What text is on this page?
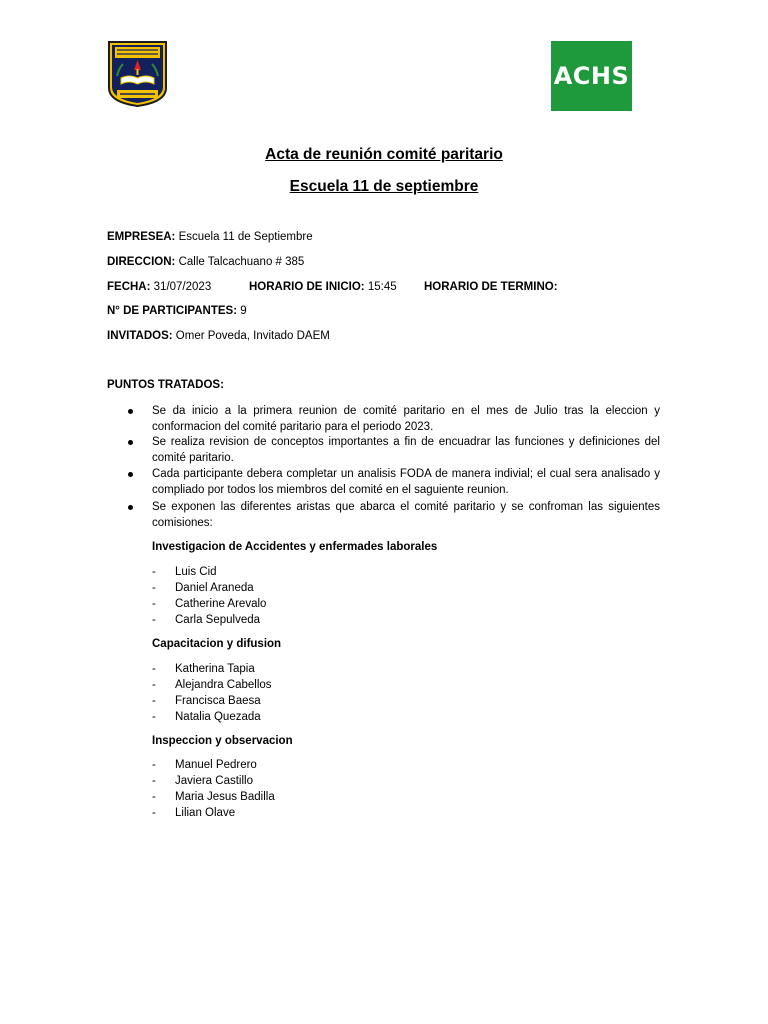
ACHS
Acta de reunión comité paritario
Escuela 11 de septiembre
EMPRESEA: Escuela 11 de Septiembre
DIRECCION: Calle Talcachuano # 385
FECHA: 31/07/2023	HORARIO DE INICIO: 15:45 HORARIO DE TERMINO:
N° DE PARTICIPANTES: 9
INVITADOS: Omer Poveda, Invitado DAEM
PUNTOS TRATADOS:
Se da inicio a la primera reunion de comité paritario en el mes de Julio tras la eleccion y conformacion del comité paritario para el periodo 2023.
Se realiza revision de conceptos importantes a fin de encuadrar las funciones y definiciones del comité paritario.
Cada participante debera completar un analisis FODA de manera indivial; el cual sera analisado y compliado por todos los miembros del comité en el saguiente reunion.
Se exponen las diferentes aristas que abarca el comité paritario y se confroman las siguientes comisiones:
Investigacion de Accidentes y enfermades laborales
- Luis Cid
- Daniel Araneda
- Catherine Arevalo
- Carla Sepulveda
Capacitacion y difusion
- Katherina Tapia
- Alejandra Cabellos
- Francisca Baesa
- Natalia Quezada
Inspeccion y observacion
- Manuel Pedrero
- Javiera Castillo
- Maria Jesus Badilla
- Lilian Olave
